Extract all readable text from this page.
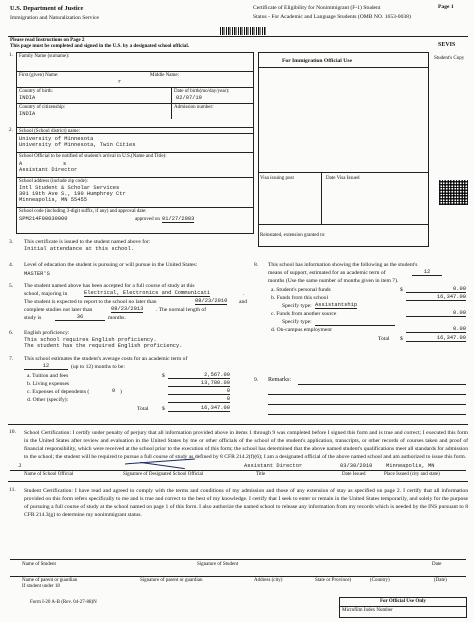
U.S. Department of Justice
Immigration and Naturalization Service
Certificate of Eligibility for Nonimmigrant (F-1) Student
Status - For Academic and Language Students (OMB NO. 1653-0038)
Page 1
Please read Instructions on Page 2
This page must be completed and signed in the U.S. by a designated school official.	SEVIS
1. Family Name (surname):
First (given) Name:	Middle Name:
r
Country of birth:
INDIA
Date of birth(mo/day/year):
02/07/19
Country of citizenship:
INDIA
Admission number:
2. School (School district) name:
University of Minnesota
University of Minnesota, Twin Cities
School Official to be notified of student's arrival in U.S.(Name and Title):
A	s
Assistant Director
School address (include zip code):
Intl Student & Scholar Services
301 19th Ave S., 190 Humphrey Ctr
Minneapolis, MN 55455
School code (including 3-digit suffix, if any) and approval date:
SPM214F00039000	approved on 01/27/2003
For Immigration Official Use
Visa issuing post	Date Visa Issued
Reinstated, extension granted to:
Student's Copy
3. This certificate is issued to the student named above for:
Initial attendance at this school.
4. Level of education the student is pursuing or will pursue in the United States:
MASTER'S
5. The student named above has been accepted for a full course of study at this
school, majoring in	Electrical, Electronics and Communicati	.
The student is expected to report to the school no later than	08/23/2010 and
complete studies not later than	08/23/2013 . The normal length of
study is	36	months.
6. English proficiency:
This school requires English proficiency.
The student has the required English proficiency.
7. This school estimates the student's average costs for an academic term of
12	(up to 12) months to be:
a. Tuition and fees	$	2,567.00
b. Living expenses	13,780.00
c. Expenses of dependents (	0 )	0
d. Other (specify):	0
Total $	16,347.00
8. This school has information showing the following as the student's
means of support, estimated for an academic term of	12
months (Use the same number of months given in item 7).
a. Student's personal funds	$	0.00
b. Funds from this school	16,347.00
Specify type: Assistantship
c. Funds from another source	0.00
Specify type:
d. On-campus employment	0.00
Total $	16,347.00
9. Remarks:
10. School Certification: I certify under penalty of perjury that all information provided above in items 1 through 9 was completed before I signed this form and is true and correct; I executed this form in the United States after review and evaluation in the United States by me or other officials of the school of the student's application, transcripts, or other records of courses taken and proof of financial responsibility, which were received at the school prior to the execution of this form; the school has determined that the above named student's qualifications meet all standards for admission to the school; the student will be required to pursue a full course of study as defined by 8 CFR 214.2(f)(6); I am a designated official of the above named school and am authorized to issue this form.
J	Assistant Director	03/30/2010	Minneapolis, MN
Name of School Official	Signature of Designated School Official	Title	Date Issued	Place Issued (city and state)
11. Student Certification: I have read and agreed to comply with the terms and conditions of my admission and those of any extension of stay as specified on page 2. I certify that all information provided on this form refers specifically to me and is true and correct to the best of my knowledge. I certify that I seek to enter or remain in the United States temporarily, and solely for the purpose of pursuing a full course of study at the school named on page 1 of this form. I also authorize the named school to release any information from my records which is needed by the INS pursuant to 8 CFR 214.3(g) to determine my nonimmigrant status.
Name of Student	Signature of Student	Date
Name of parent or guardian	Signature of parent or guardian	Address (city)	State or Province)	(Country)	(Date)
If student under 18
Form I-20 A-B (Rev. 04-27-88)N	For Official Use Only
Microfilm Index Number
